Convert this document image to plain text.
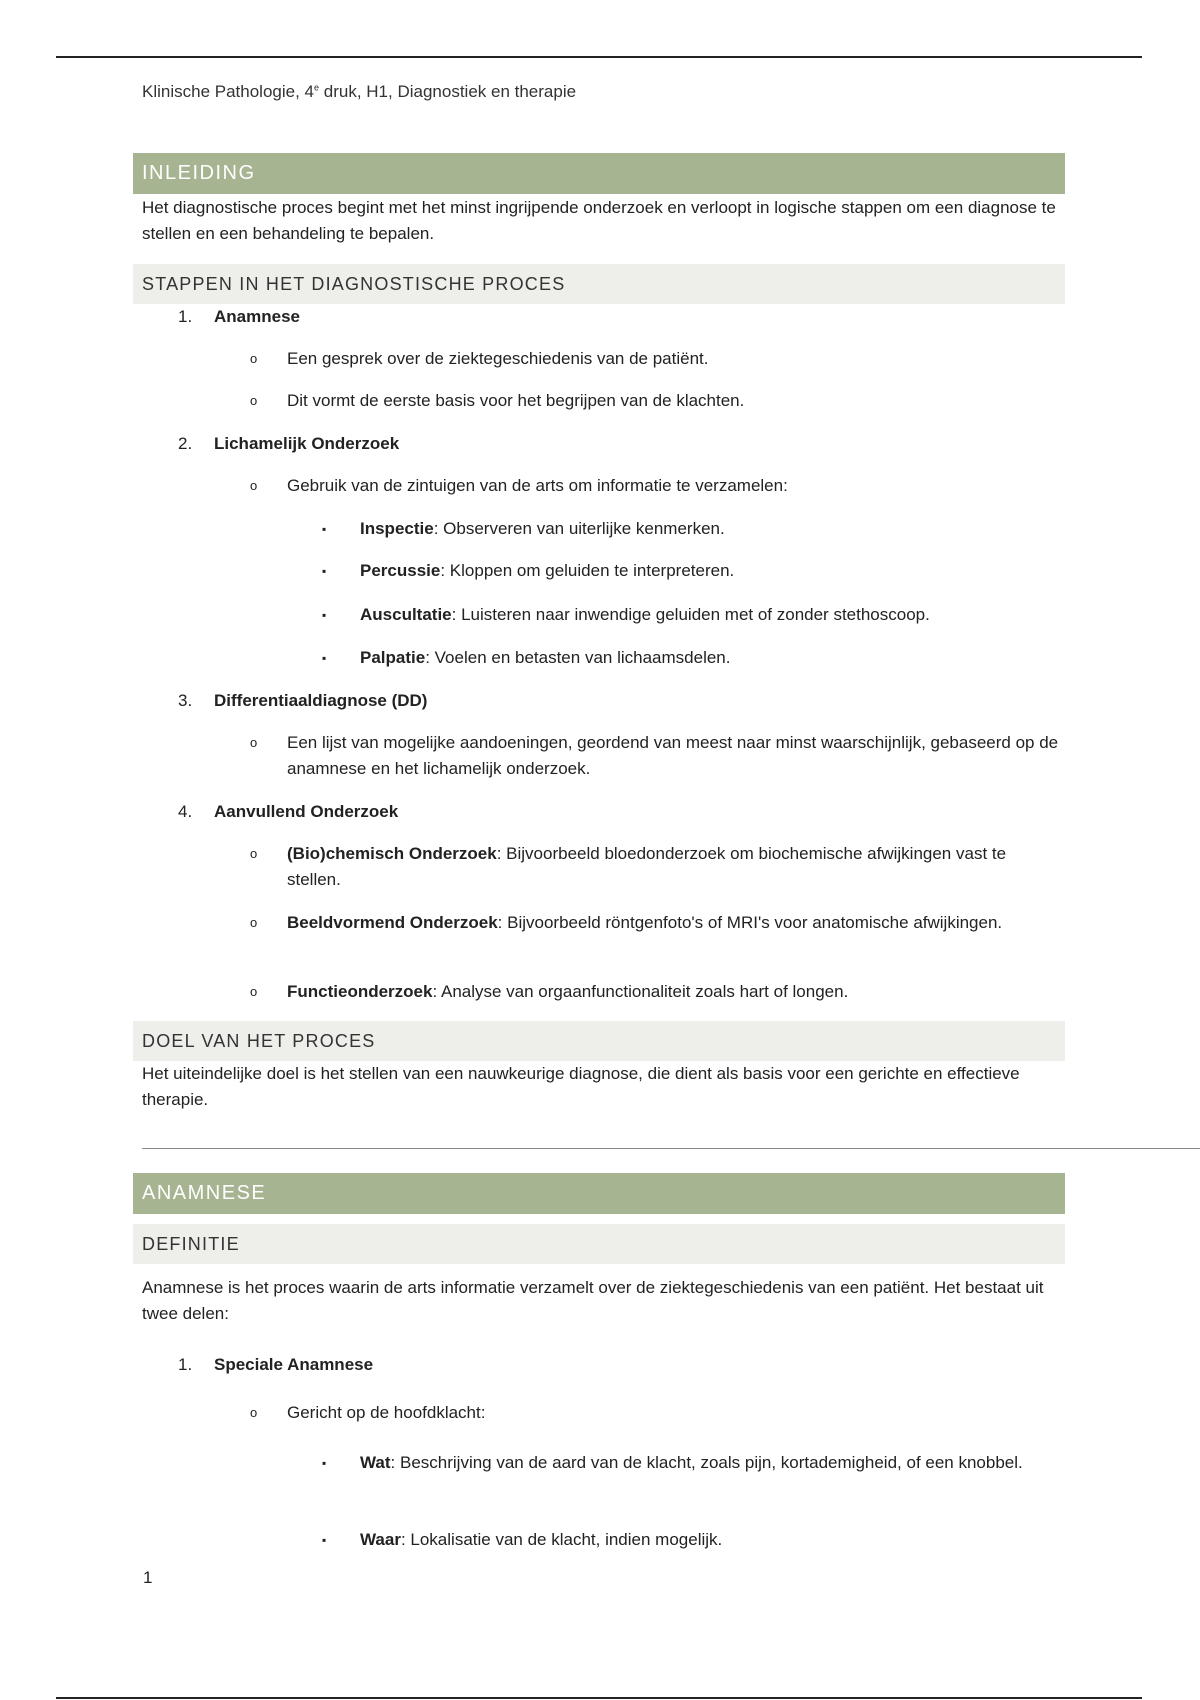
Klinische Pathologie, 4e druk, H1, Diagnostiek en therapie
INLEIDING
Het diagnostische proces begint met het minst ingrijpende onderzoek en verloopt in logische stappen om een diagnose te stellen en een behandeling te bepalen.
STAPPEN IN HET DIAGNOSTISCHE PROCES
1. Anamnese
o Een gesprek over de ziektegeschiedenis van de patiënt.
o Dit vormt de eerste basis voor het begrijpen van de klachten.
2. Lichamelijk Onderzoek
o Gebruik van de zintuigen van de arts om informatie te verzamelen:
▪ Inspectie: Observeren van uiterlijke kenmerken.
▪ Percussie: Kloppen om geluiden te interpreteren.
▪ Auscultatie: Luisteren naar inwendige geluiden met of zonder stethoscoop.
▪ Palpatie: Voelen en betasten van lichaamsdelen.
3. Differentiaaldiagnose (DD)
o Een lijst van mogelijke aandoeningen, geordend van meest naar minst waarschijnlijk, gebaseerd op de anamnese en het lichamelijk onderzoek.
4. Aanvullend Onderzoek
o (Bio)chemisch Onderzoek: Bijvoorbeeld bloedonderzoek om biochemische afwijkingen vast te stellen.
o Beeldvormend Onderzoek: Bijvoorbeeld röntgenfoto's of MRI's voor anatomische afwijkingen.
o Functieonderzoek: Analyse van orgaanfunctionaliteit zoals hart of longen.
DOEL VAN HET PROCES
Het uiteindelijke doel is het stellen van een nauwkeurige diagnose, die dient als basis voor een gerichte en effectieve therapie.
ANAMNESE
DEFINITIE
Anamnese is het proces waarin de arts informatie verzamelt over de ziektegeschiedenis van een patiënt. Het bestaat uit twee delen:
1. Speciale Anamnese
o Gericht op de hoofdklacht:
▪ Wat: Beschrijving van de aard van de klacht, zoals pijn, kortademigheid, of een knobbel.
▪ Waar: Lokalisatie van de klacht, indien mogelijk.
1
